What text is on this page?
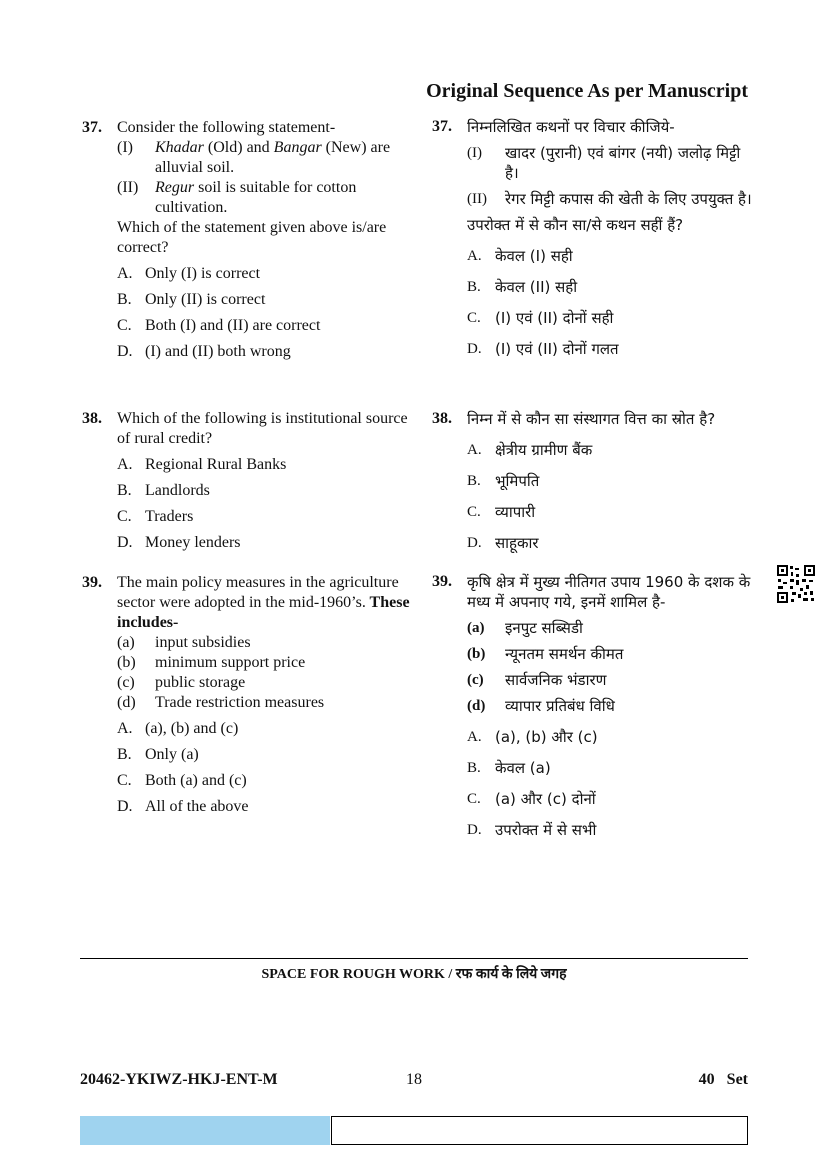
Original Sequence As per Manuscript
37. Consider the following statement-
(I) Khadar (Old) and Bangar (New) are alluvial soil.
(II) Regur soil is suitable for cotton cultivation.
Which of the statement given above is/are correct?
A. Only (I) is correct
B. Only (II) is correct
C. Both (I) and (II) are correct
D. (I) and (II) both wrong
38. Which of the following is institutional source of rural credit?
A. Regional Rural Banks
B. Landlords
C. Traders
D. Money lenders
39. The main policy measures in the agriculture sector were adopted in the mid-1960’s. These includes-
(a) input subsidies
(b) minimum support price
(c) public storage
(d) Trade restriction measures
A. (a), (b) and (c)
B. Only (a)
C. Both (a) and (c)
D. All of the above
37. निम्नलिखित कथनों पर विचार कीजिये-
(I) खादर (पुरानी) एवं बांगर (नयी) जलोढ़ मिट्टी है।
(II) रेगर मिट्टी कपास की खेती के लिए उपयुक्त है।
उपरोक्त में से कौन सा/से कथन सहीं हैं?
A. केवल (I) सही
B. केवल (II) सही
C. (I) एवं (II) दोनों सही
D. (I) एवं (II) दोनों गलत
38. निम्न में से कौन सा संस्थागत वित्त का स्रोत है?
A. क्षेत्रीय ग्रामीण बैंक
B. भूमिपति
C. व्यापारी
D. साहूकार
39. कृषि क्षेत्र में मुख्य नीतिगत उपाय 1960 के दशक के मध्य में अपनाए गये, इनमें शामिल है-
(a) इनपुट सब्सिडी
(b) न्यूनतम समर्थन कीमत
(c) सार्वजनिक भंडारण
(d) व्यापार प्रतिबंध विधि
A. (a), (b) और (c)
B. केवल (a)
C. (a) और (c) दोनों
D. उपरोक्त में से सभी
SPACE FOR ROUGH WORK / रफ कार्य के लिये जगह
20462-YKIWZ-HKJ-ENT-M	18	40   Set
